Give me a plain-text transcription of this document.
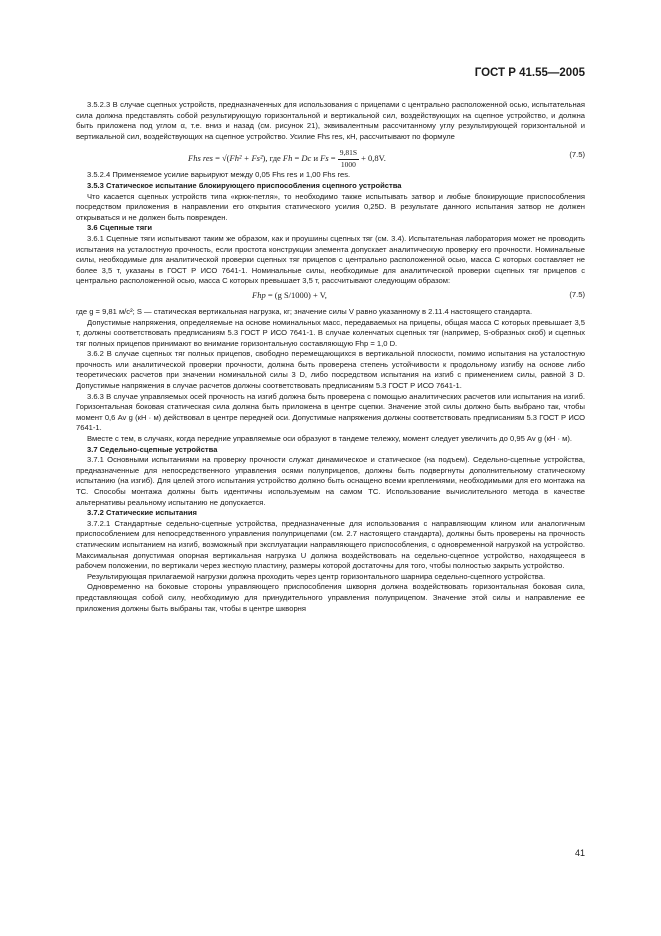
ГОСТ Р 41.55—2005

3.5.2.3 В случае сцепных устройств, предназначенных для использования с прицепами с центрально расположенной осью, испытательная сила должна представлять собой результирующую горизонтальной и вертикальной сил, воздействующих на сцепное устройство, и должна быть приложена под углом α, т.е. вниз и назад (см. рисунок 21), эквивалентным рассчитанному углу результирующей горизонтальной и вертикальной сил, воздействующих на сцепное устройство. Усилие Fhs res, кН, рассчитывают по формуле

Fhs res = √(Fh² + Fs²), где Fh = Dc и $Fs = \frac{9,81S}{1000} + 0,8V$.	(7.5)

3.5.2.4 Применяемое усилие варьируют между 0,05 Fhs res и 1,00 Fhs res.

3.5.3 Статическое испытание блокирующего приспособления сцепного устройства

Что касается сцепных устройств типа «крюк-петля», то необходимо также испытывать затвор и любые блокирующие приспособления посредством приложения в направлении его открытия статического усилия 0,25D. В результате данного испытания затвор не должен открываться и не должен быть поврежден.

3.6 Сцепные тяги

3.6.1 Сцепные тяги испытывают таким же образом, как и проушины сцепных тяг (см. 3.4). Испытательная лаборатория может не проводить испытания на усталостную прочность, если простота конструкции элемента допускает аналитическую проверку его прочности. Номинальные силы, необходимые для аналитической проверки сцепных тяг прицепов с центрально расположенной осью, масса C которых составляет не более 3,5 т, указаны в ГОСТ Р ИСО 7641-1. Номинальные силы, необходимые для аналитической проверки сцепных тяг прицепов с центрально расположенной осью, масса C которых превышает 3,5 т, рассчитывают следующим образом:

Fhp = (g S/1000) + V,	(7.5)

где g = 9,81 м/с²; S — статическая вертикальная нагрузка, кг; значение силы V равно указанному в 2.11.4 настоящего стандарта.

Допустимые напряжения, определяемые на основе номинальных масс, передаваемых на прицепы, общая масса C которых превышает 3,5 т, должны соответствовать предписаниям 5.3 ГОСТ Р ИСО 7641-1. В случае коленчатых сцепных тяг (например, S-образных скоб) и сцепных тяг полных прицепов принимают во внимание горизонтальную составляющую Fhp = 1,0 D.

3.6.2 В случае сцепных тяг полных прицепов, свободно перемещающихся в вертикальной плоскости, помимо испытания на усталостную прочность или аналитической проверки прочности, должна быть проверена степень устойчивости к продольному изгибу на основе либо теоретических расчетов при значении номинальной силы 3 D, либо посредством испытания на изгиб с применением силы, равной 3 D. Допустимые напряжения в случае расчетов должны соответствовать предписаниям 5.3 ГОСТ Р ИСО 7641-1.

3.6.3 В случае управляемых осей прочность на изгиб должна быть проверена с помощью аналитических расчетов или испытания на изгиб. Горизонтальная боковая статическая сила должна быть приложена в центре сцепки. Значение этой силы должно быть выбрано так, чтобы момент 0,6 Av g (кН · м) действовал в центре передней оси. Допустимые напряжения должны соответствовать предписаниям 5.3 ГОСТ Р ИСО 7641-1.

Вместе с тем, в случаях, когда передние управляемые оси образуют в тандеме тележку, момент следует увеличить до 0,95 Av g (кН · м).

3.7 Седельно-сцепные устройства

3.7.1 Основными испытаниями на проверку прочности служат динамическое и статическое (на подъем). Седельно-сцепные устройства, предназначенные для непосредственного управления осями полуприцепов, должны быть подвергнуты дополнительному статическому испытанию (на изгиб). Для целей этого испытания устройство должно быть оснащено всеми креплениями, необходимыми для его монтажа на ТС. Способы монтажа должны быть идентичны используемым на самом ТС. Использование вычислительного метода в качестве альтернативы реальному испытанию не допускается.

3.7.2 Статические испытания

3.7.2.1 Стандартные седельно-сцепные устройства, предназначенные для использования с направляющим клином или аналогичным приспособлением для непосредственного управления полуприцепами (см. 2.7 настоящего стандарта), должны быть проверены на прочность статическим испытанием на изгиб, возможный при эксплуатации направляющего приспособления, с одновременной нагрузкой на устройство. Максимальная допустимая опорная вертикальная нагрузка U должна воздействовать на седельно-сцепное устройство, находящееся в рабочем положении, по вертикали через жесткую пластину, размеры которой достаточны для того, чтобы полностью закрыть устройство.

Результирующая прилагаемой нагрузки должна проходить через центр горизонтального шарнира седельно-сцепного устройства.

Одновременно на боковые стороны управляющего приспособления шкворня должна воздействовать горизонтальная боковая сила, представляющая собой силу, необходимую для принудительного управления полуприцепом. Значение этой силы и направление ее приложения должны быть выбраны так, чтобы в центре шкворня

41
